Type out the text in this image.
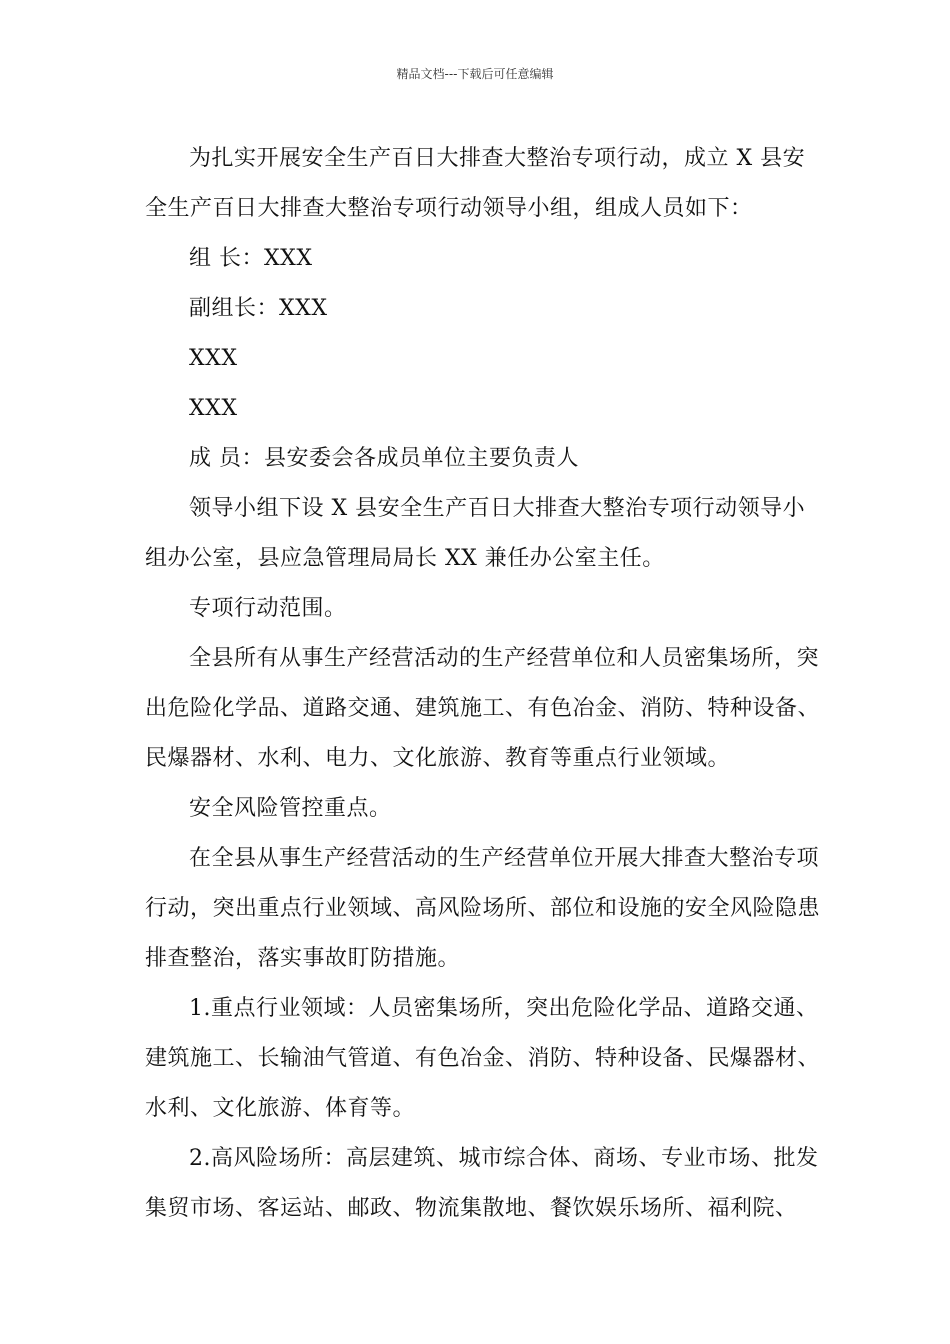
精品文档---下载后可任意编辑

为扎实开展安全生产百日大排查大整治专项行动，成立 X 县安全生产百日大排查大整治专项行动领导小组，组成人员如下：

组 长：XXX

副组长：XXX

XXX

XXX

成 员：县安委会各成员单位主要负责人

领导小组下设 X 县安全生产百日大排查大整治专项行动领导小组办公室，县应急管理局局长 XX 兼任办公室主任。

专项行动范围。

全县所有从事生产经营活动的生产经营单位和人员密集场所，突出危险化学品、道路交通、建筑施工、有色冶金、消防、特种设备、民爆器材、水利、电力、文化旅游、教育等重点行业领域。

安全风险管控重点。

在全县从事生产经营活动的生产经营单位开展大排查大整治专项行动，突出重点行业领域、高风险场所、部位和设施的安全风险隐患排查整治，落实事故盯防措施。

1.重点行业领域：人员密集场所，突出危险化学品、道路交通、建筑施工、长输油气管道、有色冶金、消防、特种设备、民爆器材、水利、文化旅游、体育等。

2.高风险场所：高层建筑、城市综合体、商场、专业市场、批发集贸市场、客运站、邮政、物流集散地、餐饮娱乐场所、福利院、
